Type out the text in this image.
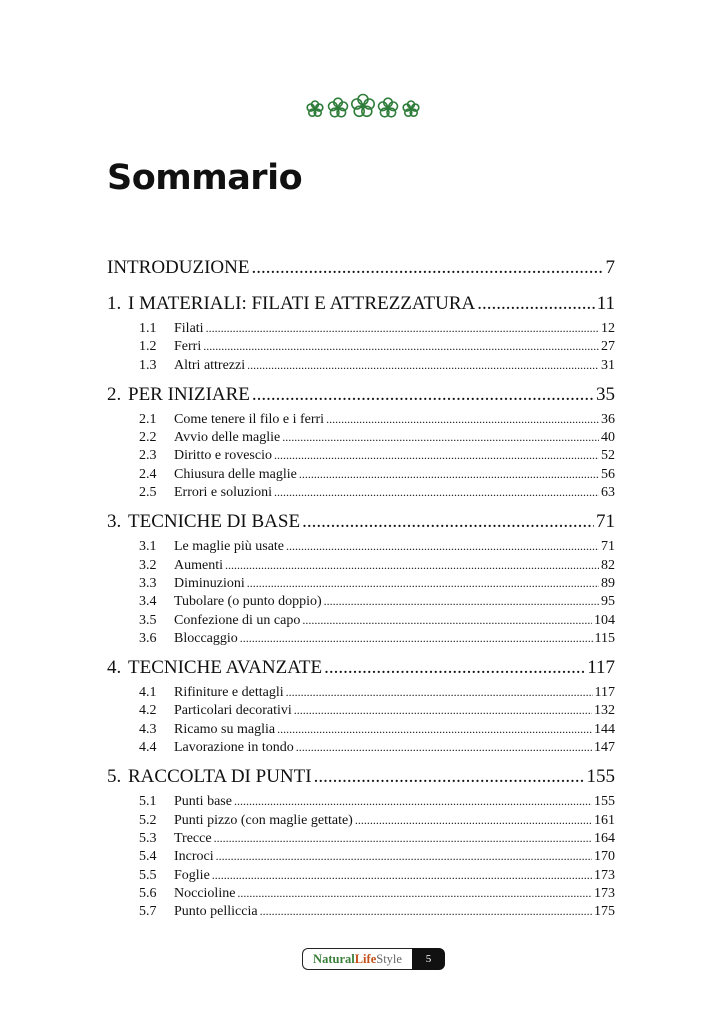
Sommario
INTRODUZIONE .....	7
1. I MATERIALI: FILATI E ATTREZZATURA .....	11
1.1	Filati .....	12
1.2	Ferri .....	27
1.3	Altri attrezzi .....	31
2. PER INIZIARE .....	35
2.1	Come tenere il filo e i ferri .....	36
2.2	Avvio delle maglie .....	40
2.3	Diritto e rovescio .....	52
2.4	Chiusura delle maglie .....	56
2.5	Errori e soluzioni .....	63
3. TECNICHE DI BASE .....	71
3.1	Le maglie più usate .....	71
3.2	Aumenti .....	82
3.3	Diminuzioni .....	89
3.4	Tubolare (o punto doppio) .....	95
3.5	Confezione di un capo .....	104
3.6	Bloccaggio .....	115
4. TECNICHE AVANZATE .....	117
4.1	Rifiniture e dettagli .....	117
4.2	Particolari decorativi .....	132
4.3	Ricamo su maglia .....	144
4.4	Lavorazione in tondo .....	147
5. RACCOLTA DI PUNTI .....	155
5.1	Punti base .....	155
5.2	Punti pizzo (con maglie gettate) .....	161
5.3	Trecce .....	164
5.4	Incroci .....	170
5.5	Foglie .....	173
5.6	Noccioline .....	173
5.7	Punto pelliccia .....	175
Natural Life Style	5
